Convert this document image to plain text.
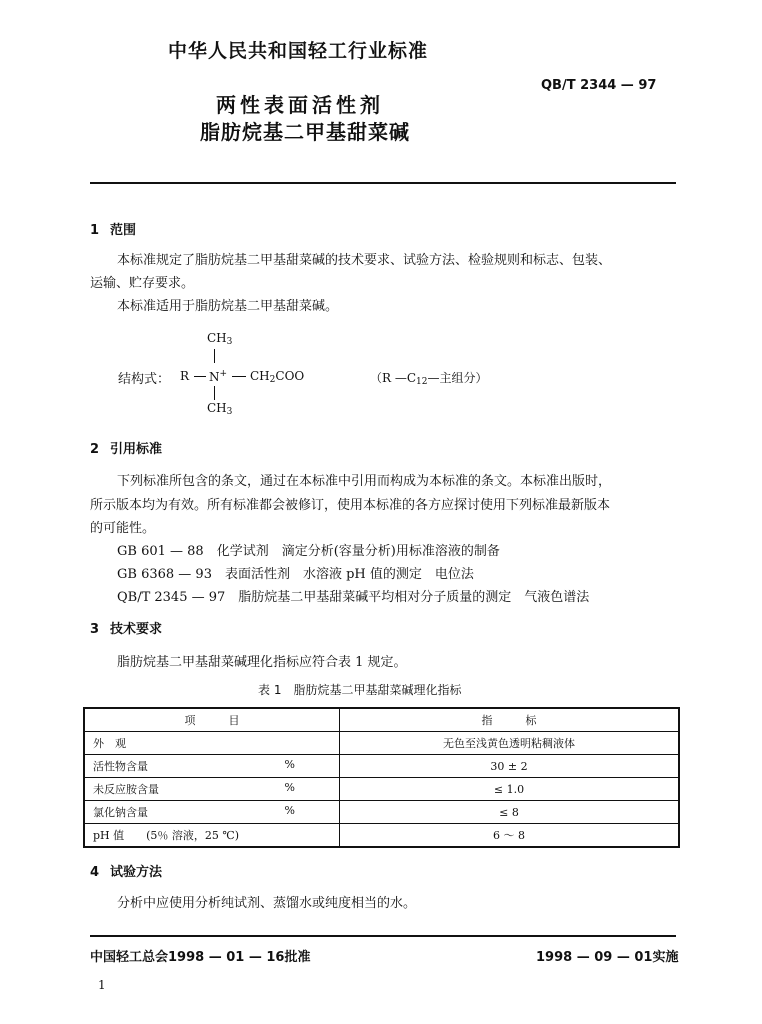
中华人民共和国轻工行业标准
QB/T 2344 — 97
两性表面活性剂
脂肪烷基二甲基甜菜碱
1 范围
本标准规定了脂肪烷基二甲基甜菜碱的技术要求、试验方法、检验规则和标志、包装、
运输、贮存要求。
本标准适用于脂肪烷基二甲基甜菜碱。
$CH_3$
结构式： R N+ $CH_2COO$
$CH_3$
（R $—C_{12}—$主组分）
2 引用标准
下列标准所包含的条文，通过在本标准中引用而构成为本标准的条文。本标准出版时，
所示版本均为有效。所有标准都会被修订，使用本标准的各方应探讨使用下列标准最新版本
的可能性。
GB 601 — 88　化学试剂　滴定分析(容量分析)用标准溶液的制备
GB 6368 — 93　表面活性剂　水溶液 pH 值的测定　电位法
QB/T 2345 — 97　脂肪烷基二甲基甜菜碱平均相对分子质量的测定　气液色谱法
3 技术要求
脂肪烷基二甲基甜菜碱理化指标应符合表 1 规定。
表 1　脂肪烷基二甲基甜菜碱理化指标
项　　　目	指　　　标
外　观	无色至浅黄色透明粘稠液体
活性物含量 %	30 ± 2
未反应胺含量 %	≤ 1.0
氯化钠含量 %	≤ 8
pH 值　　(5％ 溶液，25 ℃)	6 ～ 8
4 试验方法
分析中应使用分析纯试剂、蒸馏水或纯度相当的水。
中国轻工总会1998 — 01 — 16批准	1998 — 09 — 01实施
1
